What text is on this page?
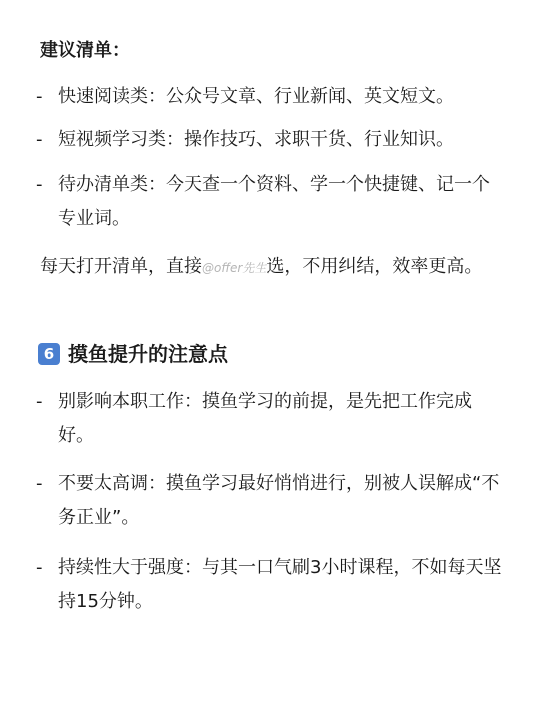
建议清单：
- 快速阅读类：公众号文章、行业新闻、英文短文。
- 短视频学习类：操作技巧、求职干货、行业知识。
- 待办清单类：今天查一个资料、学一个快捷键、记一个专业词。
每天打开清单，直接@offer先生选，不用纠结，效率更高。
6 摸鱼提升的注意点
- 别影响本职工作：摸鱼学习的前提，是先把工作完成好。
- 不要太高调：摸鱼学习最好悄悄进行，别被人误解成“不务正业”。
- 持续性大于强度：与其一口气刷3小时课程，不如每天坚持15分钟。
